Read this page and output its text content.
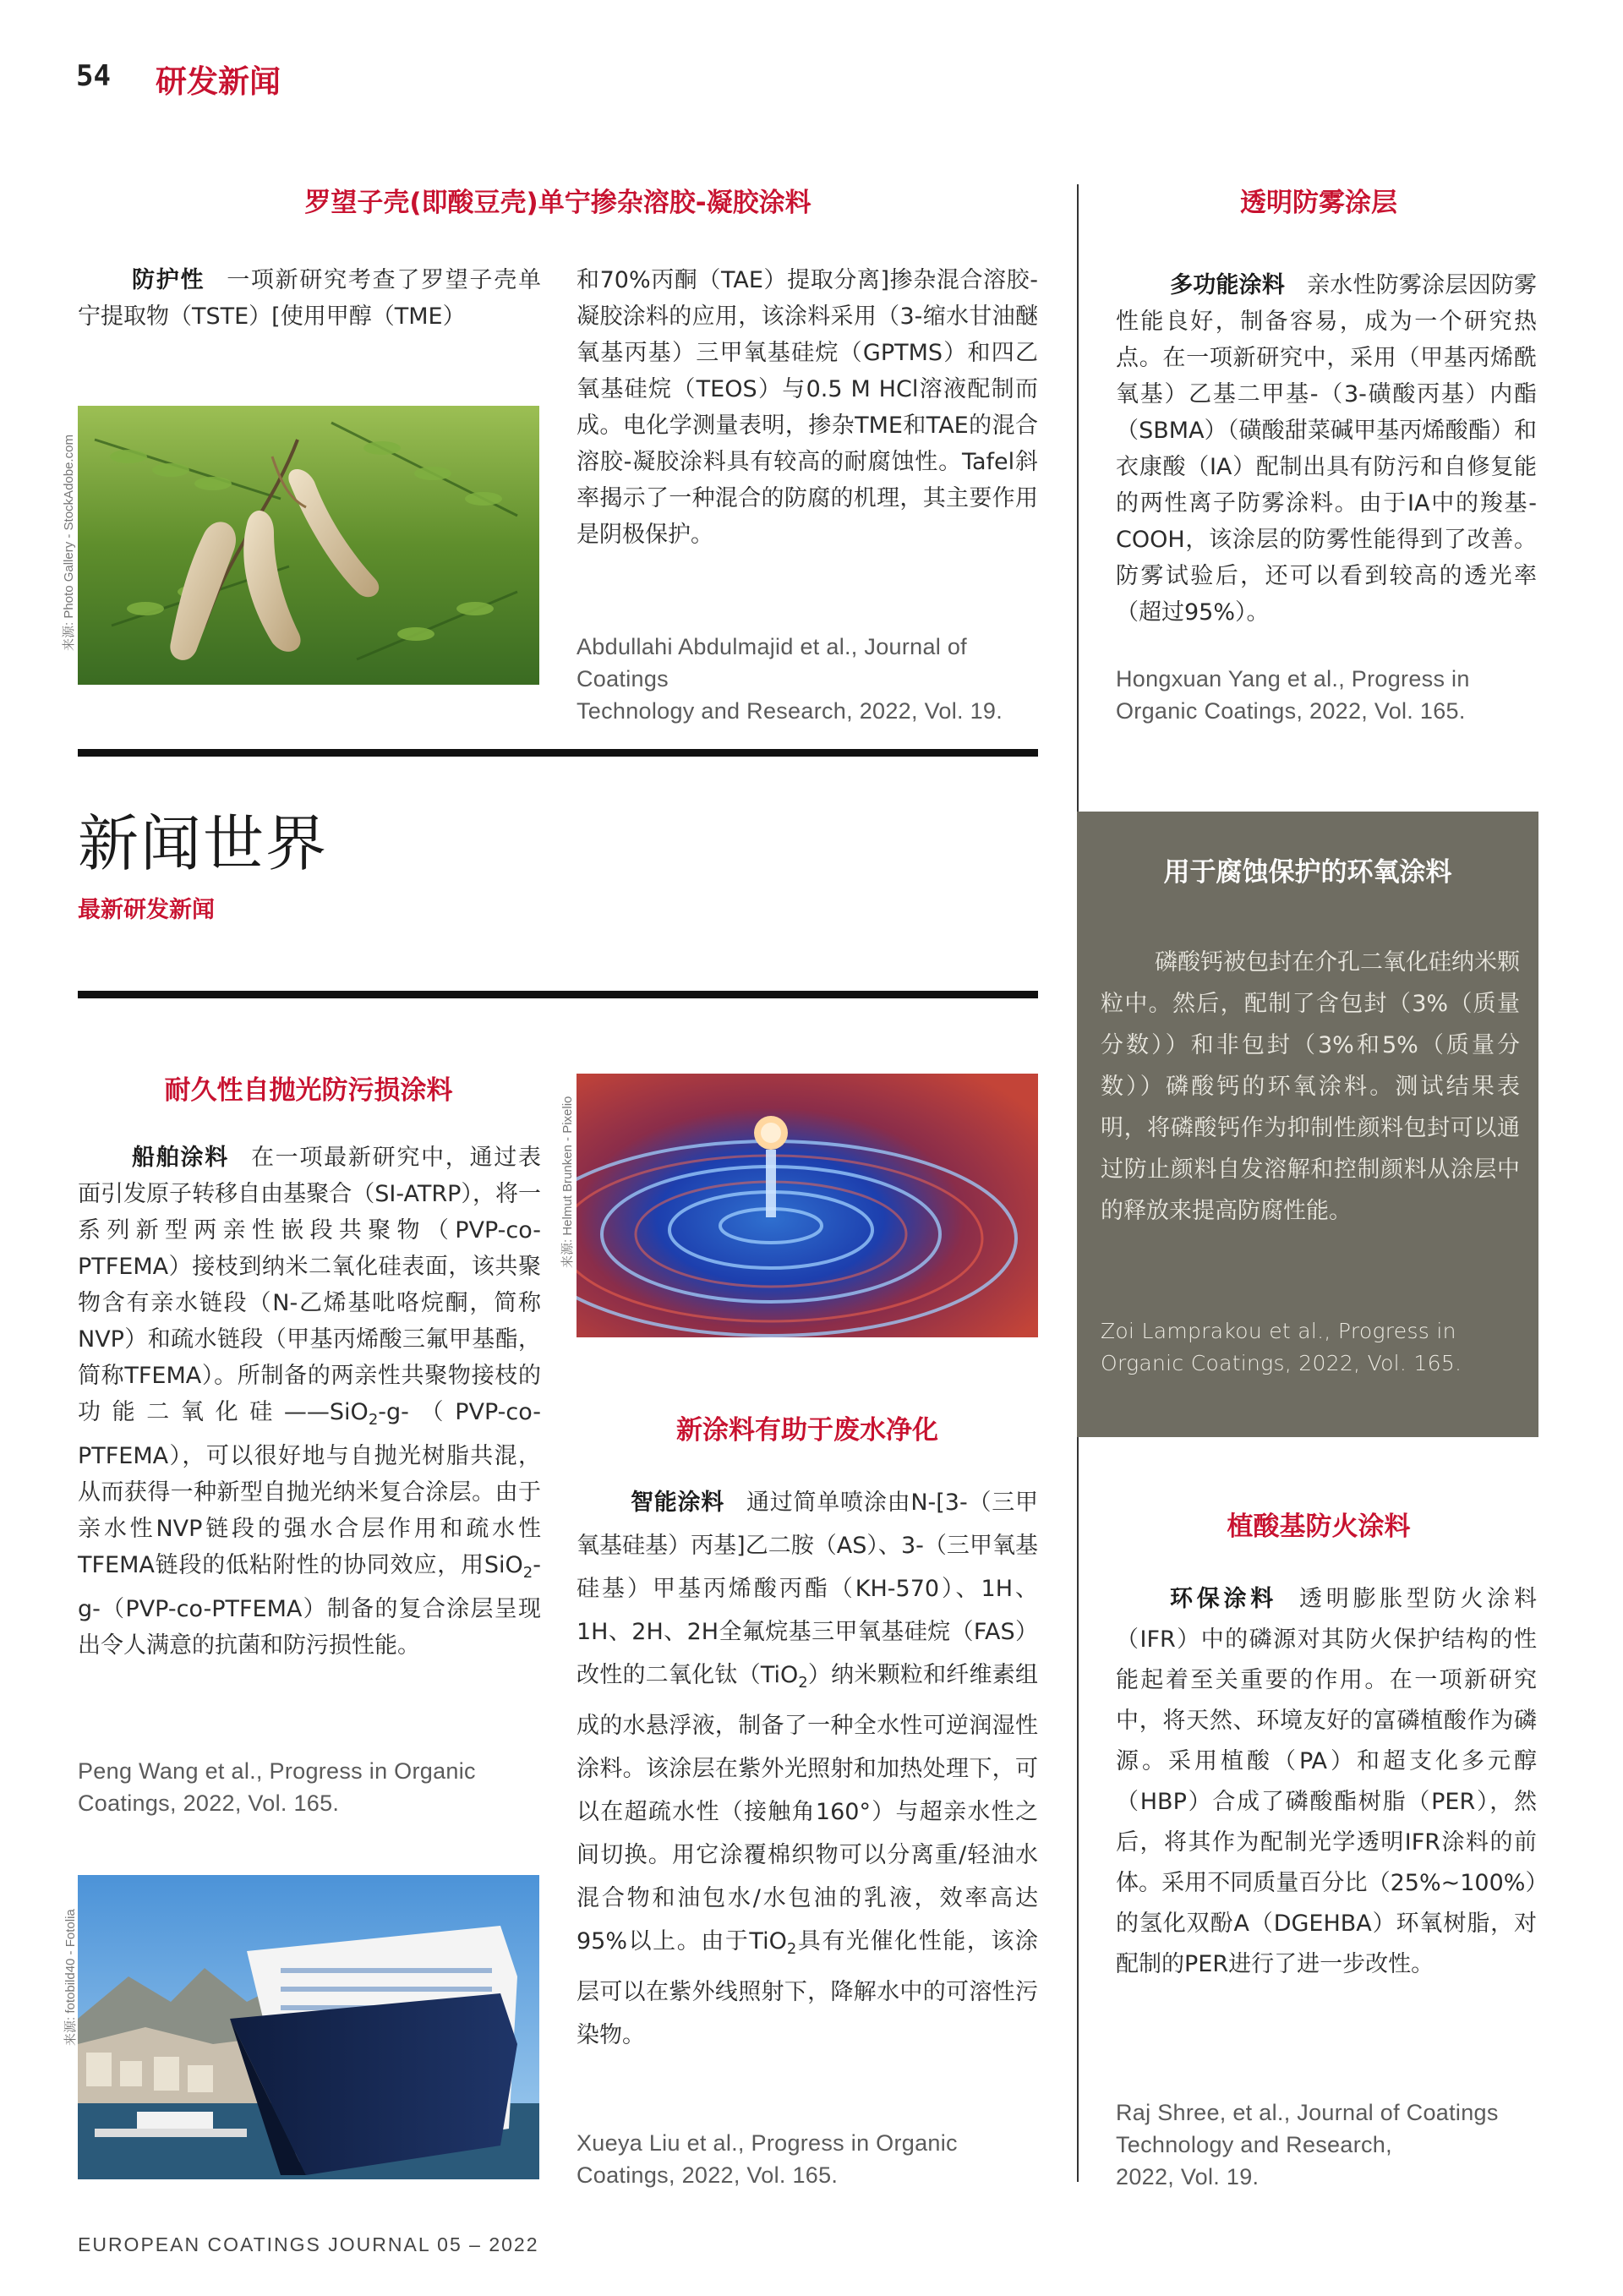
54 研发新闻
罗望子壳(即酸豆壳)单宁掺杂溶胶-凝胶涂料
防护性 一项新研究考查了罗望子壳单宁提取物（TSTE）[使用甲醇（TME）
来源: Photo Gallery - StockAdobe.com
和70%丙酮（TAE）提取分离]掺杂混合溶胶-凝胶涂料的应用，该涂料采用（3-缩水甘油醚氧基丙基）三甲氧基硅烷（GPTMS）和四乙氧基硅烷（TEOS）与0.5 M HCl溶液配制而成。电化学测量表明，掺杂TME和TAE的混合溶胶-凝胶涂料具有较高的耐腐蚀性。Tafel斜率揭示了一种混合的防腐的机理，其主要作用是阴极保护。
Abdullahi Abdulmajid et al., Journal of Coatings
Technology and Research, 2022, Vol. 19.
新闻世界
最新研发新闻
透明防雾涂层
多功能涂料 亲水性防雾涂层因防雾性能良好，制备容易，成为一个研究热点。在一项新研究中，采用（甲基丙烯酰氧基）乙基二甲基-（3-磺酸丙基）内酯（SBMA）（磺酸甜菜碱甲基丙烯酸酯）和衣康酸（IA）配制出具有防污和自修复能的两性离子防雾涂料。由于IA中的羧基-COOH，该涂层的防雾性能得到了改善。防雾试验后，还可以看到较高的透光率（超过95%）。
Hongxuan Yang et al., Progress in
Organic Coatings, 2022, Vol. 165.
用于腐蚀保护的环氧涂料
磷酸钙被包封在介孔二氧化硅纳米颗粒中。然后，配制了含包封（3%（质量分数））和非包封（3%和5%（质量分数））磷酸钙的环氧涂料。测试结果表明，将磷酸钙作为抑制性颜料包封可以通过防止颜料自发溶解和控制颜料从涂层中的释放来提高防腐性能。
Zoi Lamprakou et al., Progress in
Organic Coatings, 2022, Vol. 165.
植酸基防火涂料
环保涂料 透明膨胀型防火涂料（IFR）中的磷源对其防火保护结构的性能起着至关重要的作用。在一项新研究中，将天然、环境友好的富磷植酸作为磷源。采用植酸（PA）和超支化多元醇（HBP）合成了磷酸酯树脂（PER），然后，将其作为配制光学透明IFR涂料的前体。采用不同质量百分比（25%~100%）的氢化双酚A（DGEHBA）环氧树脂，对配制的PER进行了进一步改性。
Raj Shree, et al., Journal of Coatings
Technology and Research,
2022, Vol. 19.
耐久性自抛光防污损涂料
船舶涂料 在一项最新研究中，通过表面引发原子转移自由基聚合（SI-ATRP），将一系列新型两亲性嵌段共聚物（PVP-co-PTFEMA）接枝到纳米二氧化硅表面，该共聚物含有亲水链段（N-乙烯基吡咯烷酮，简称NVP）和疏水链段（甲基丙烯酸三氟甲基酯，简称TFEMA）。所制备的两亲性共聚物接枝的功能二氧化硅——SiO$_2$-g-（PVP-co-PTFEMA），可以很好地与自抛光树脂共混，从而获得一种新型自抛光纳米复合涂层。由于亲水性NVP链段的强水合层作用和疏水性TFEMA链段的低粘附性的协同效应，用SiO$_2$-g-（PVP-co-PTFEMA）制备的复合涂层呈现出令人满意的抗菌和防污损性能。
Peng Wang et al., Progress in Organic
Coatings, 2022, Vol. 165.
来源: fotobild40 - Fotolia
来源: Helmut Brunken - Pixelio
新涂料有助于废水净化
智能涂料 通过简单喷涂由N-[3-（三甲氧基硅基）丙基]乙二胺（AS）、3-（三甲氧基硅基）甲基丙烯酸丙酯（KH-570）、1H、1H、2H、2H全氟烷基三甲氧基硅烷（FAS）改性的二氧化钛（TiO$_2$）纳米颗粒和纤维素组成的水悬浮液，制备了一种全水性可逆润湿性涂料。该涂层在紫外光照射和加热处理下，可以在超疏水性（接触角160°）与超亲水性之间切换。用它涂覆棉织物可以分离重/轻油水混合物和油包水/水包油的乳液，效率高达95%以上。由于TiO$_2$具有光催化性能，该涂层可以在紫外线照射下，降解水中的可溶性污染物。
Xueya Liu et al., Progress in Organic
Coatings, 2022, Vol. 165.
EUROPEAN COATINGS JOURNAL 05 – 2022
